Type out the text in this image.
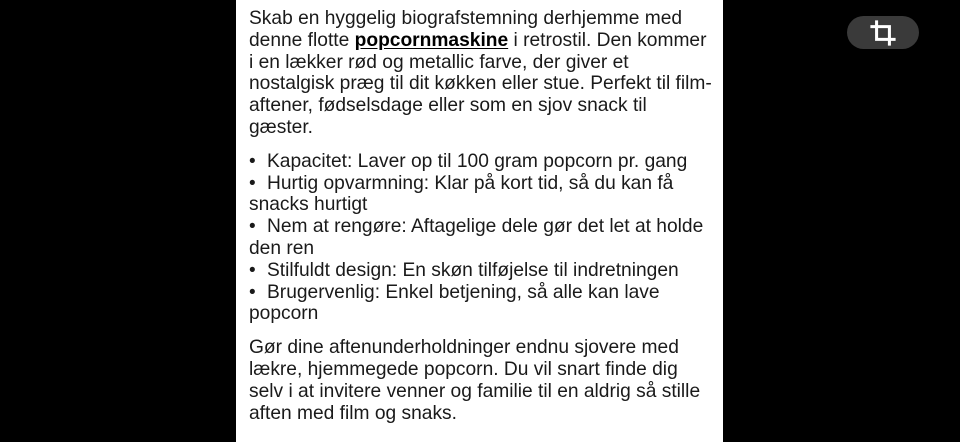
Skab en hyggelig biografstemning derhjemme med denne flotte popcornmaskine i retrostil. Den kommer i en lækker rød og metallic farve, der giver et nostalgisk præg til dit køkken eller stue. Perfekt til film-aftener, fødselsdage eller som en sjov snack til gæster.

• Kapacitet: Laver op til 100 gram popcorn pr. gang
• Hurtig opvarmning: Klar på kort tid, så du kan få snacks hurtigt
• Nem at rengøre: Aftagelige dele gør det let at holde den ren
• Stilfuldt design: En skøn tilføjelse til indretningen
• Brugervenlig: Enkel betjening, så alle kan lave popcorn

Gør dine aftenunderholdninger endnu sjovere med lækre, hjemmegede popcorn. Du vil snart finde dig selv i at invitere venner og familie til en aldrig så stille aften med film og snaks.
